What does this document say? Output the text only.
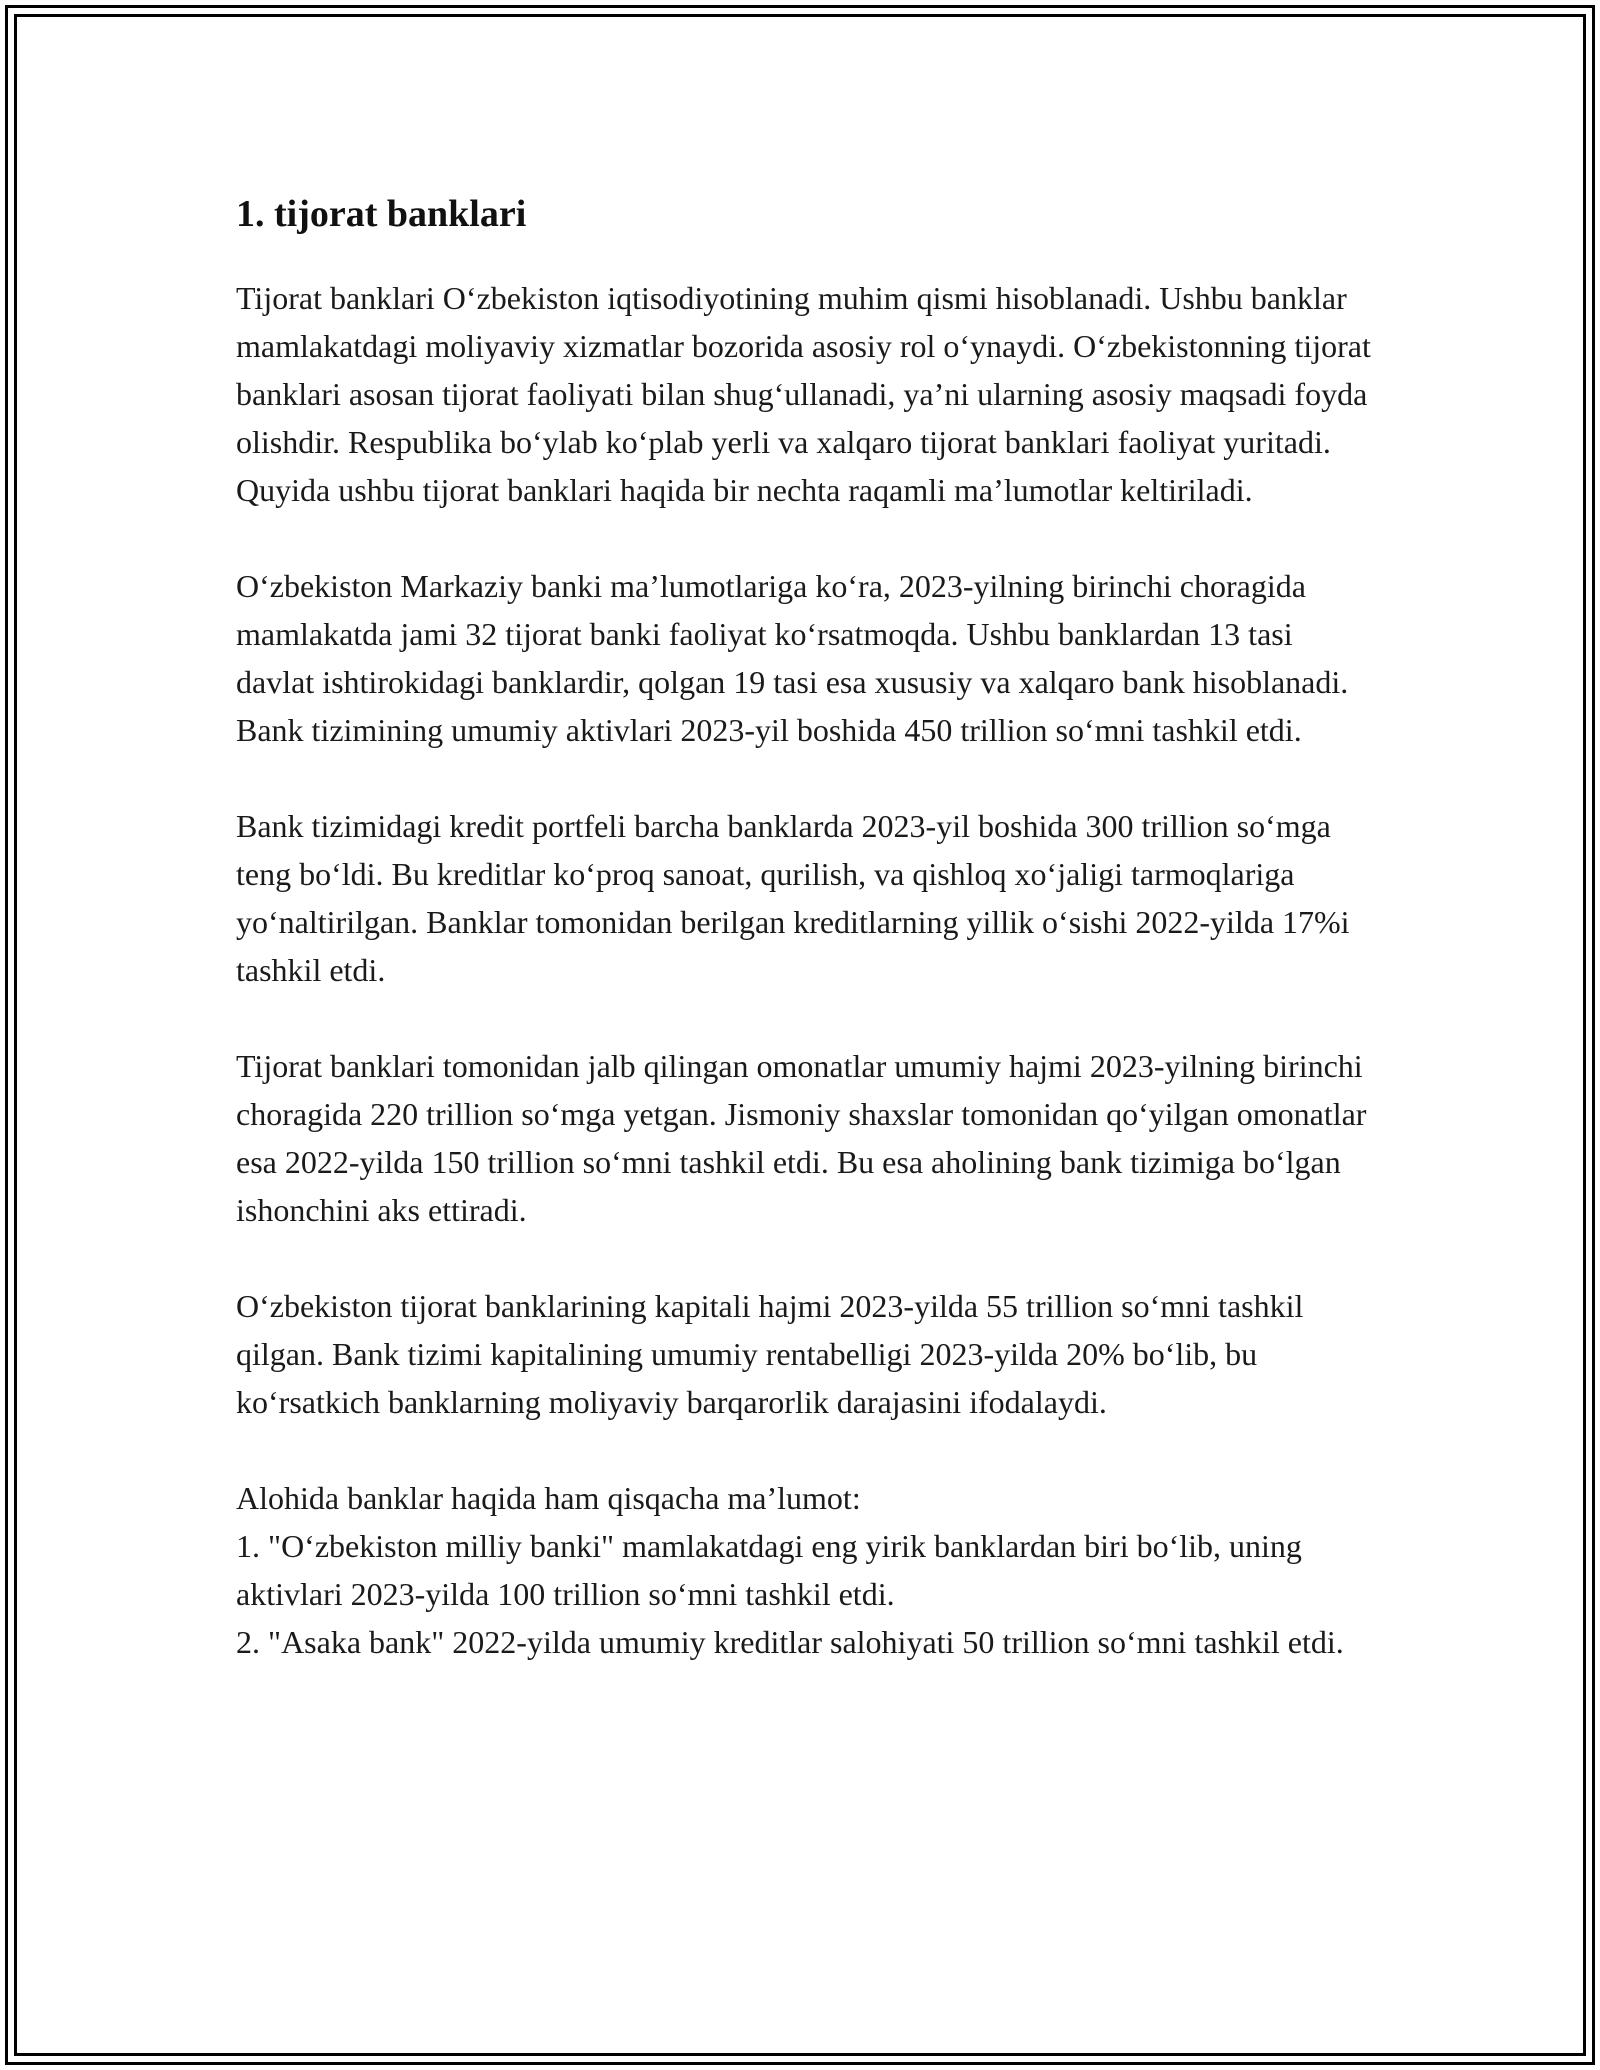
1. tijorat banklari

Tijorat banklari O‘zbekiston iqtisodiyotining muhim qismi hisoblanadi. Ushbu banklar mamlakatdagi moliyaviy xizmatlar bozorida asosiy rol o‘ynaydi. O‘zbekistonning tijorat banklari asosan tijorat faoliyati bilan shug‘ullanadi, ya’ni ularning asosiy maqsadi foyda olishdir. Respublika bo‘ylab ko‘plab yerli va xalqaro tijorat banklari faoliyat yuritadi. Quyida ushbu tijorat banklari haqida bir nechta raqamli ma’lumotlar keltiriladi.

O‘zbekiston Markaziy banki ma’lumotlariga ko‘ra, 2023-yilning birinchi choragida mamlakatda jami 32 tijorat banki faoliyat ko‘rsatmoqda. Ushbu banklardan 13 tasi davlat ishtirokidagi banklardir, qolgan 19 tasi esa xususiy va xalqaro bank hisoblanadi. Bank tizimining umumiy aktivlari 2023-yil boshida 450 trillion so‘mni tashkil etdi.

Bank tizimidagi kredit portfeli barcha banklarda 2023-yil boshida 300 trillion so‘mga teng bo‘ldi. Bu kreditlar ko‘proq sanoat, qurilish, va qishloq xo‘jaligi tarmoqlariga yo‘naltirilgan. Banklar tomonidan berilgan kreditlarning yillik o‘sishi 2022-yilda 17%i tashkil etdi.

Tijorat banklari tomonidan jalb qilingan omonatlar umumiy hajmi 2023-yilning birinchi choragida 220 trillion so‘mga yetgan. Jismoniy shaxslar tomonidan qo‘yilgan omonatlar esa 2022-yilda 150 trillion so‘mni tashkil etdi. Bu esa aholining bank tizimiga bo‘lgan ishonchini aks ettiradi.

O‘zbekiston tijorat banklarining kapitali hajmi 2023-yilda 55 trillion so‘mni tashkil qilgan. Bank tizimi kapitalining umumiy rentabelligi 2023-yilda 20% bo‘lib, bu ko‘rsatkich banklarning moliyaviy barqarorlik darajasini ifodalaydi.

Alohida banklar haqida ham qisqacha ma’lumot:
1. "O‘zbekiston milliy banki" mamlakatdagi eng yirik banklardan biri bo‘lib, uning aktivlari 2023-yilda 100 trillion so‘mni tashkil etdi.
2. "Asaka bank" 2022-yilda umumiy kreditlar salohiyati 50 trillion so‘mni tashkil etdi.
